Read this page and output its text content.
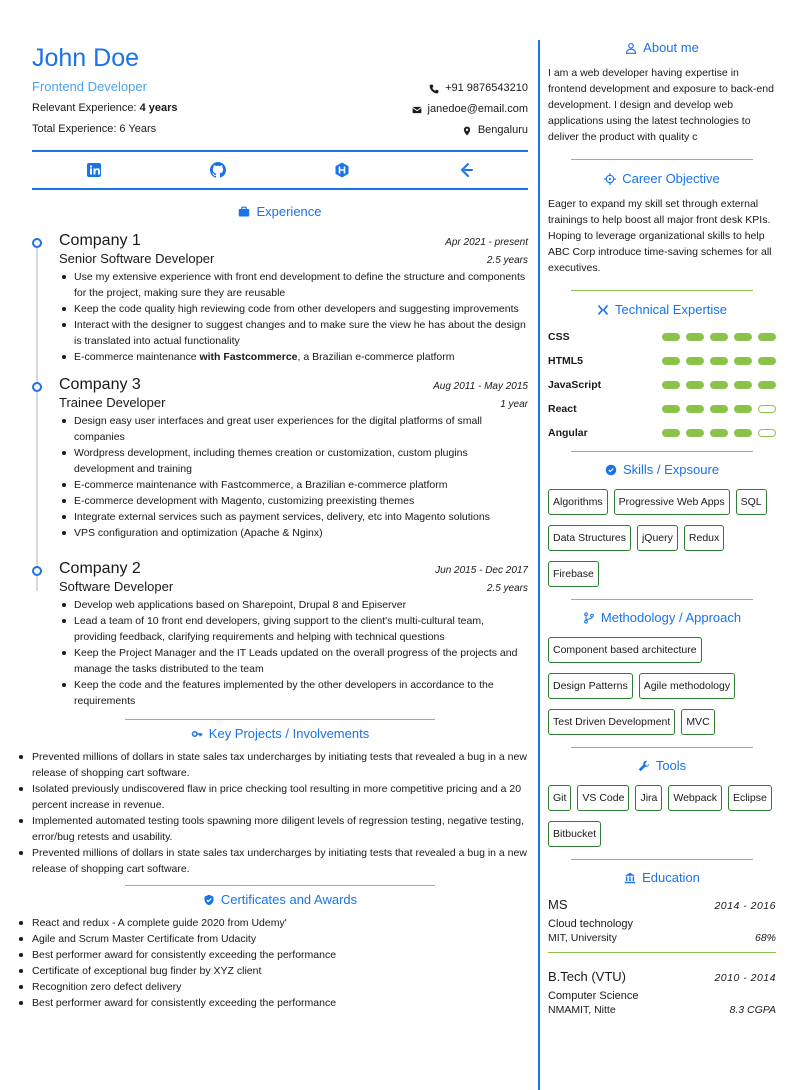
John Doe
Frontend Developer
Relevant Experience: 4 years
Total Experience: 6 Years
+91 9876543210
janedoe@email.com
Bengaluru
Experience
Company 1	Apr 2021 - present
Senior Software Developer	2.5 years
Use my extensive experience with front end development to define the structure and components for the project, making sure they are reusable
Keep the code quality high reviewing code from other developers and suggesting improvements
Interact with the designer to suggest changes and to make sure the view he has about the design is translated into actual functionality
E-commerce maintenance with Fastcommerce, a Brazilian e-commerce platform
Company 3	Aug 2011 - May 2015
Trainee Developer	1 year
Design easy user interfaces and great user experiences for the digital platforms of small companies
Wordpress development, including themes creation or customization, custom plugins development and training
E-commerce maintenance with Fastcommerce, a Brazilian e-commerce platform
E-commerce development with Magento, customizing preexisting themes
Integrate external services such as payment services, delivery, etc into Magento solutions
VPS configuration and optimization (Apache & Nginx)
Company 2	Jun 2015 - Dec 2017
Software Developer	2.5 years
Develop web applications based on Sharepoint, Drupal 8 and Episerver
Lead a team of 10 front end developers, giving support to the client's multi-cultural team, providing feedback, clarifying requirements and helping with technical questions
Keep the Project Manager and the IT Leads updated on the overall progress of the projects and manage the tasks distributed to the team
Keep the code and the features implemented by the other developers in accordance to the requirements
Key Projects / Involvements
Prevented millions of dollars in state sales tax undercharges by initiating tests that revealed a bug in a new release of shopping cart software.
Isolated previously undiscovered flaw in price checking tool resulting in more competitive pricing and a 20 percent increase in revenue.
Implemented automated testing tools spawning more diligent levels of regression testing, negative testing, error/bug retests and usability.
Prevented millions of dollars in state sales tax undercharges by initiating tests that revealed a bug in a new release of shopping cart software.
Certificates and Awards
React and redux - A complete guide 2020 from Udemy'
Agile and Scrum Master Certificate from Udacity
Best performer award for consistently exceeding the performance
Certificate of exceptional bug finder by XYZ client
Recognition zero defect delivery
Best performer award for consistently exceeding the performance
About me
I am a web developer having expertise in frontend development and exposure to back-end development. I design and develop web applications using the latest technologies to deliver the product with quality c
Career Objective
Eager to expand my skill set through external trainings to help boost all major front desk KPIs. Hoping to leverage organizational skills to help ABC Corp introduce time-saving schemes for all executives.
Technical Expertise
CSS
HTML5
JavaScript
React
Angular
Skills / Expsoure
Algorithms	Progressive Web Apps	SQL
Data Structures	jQuery	Redux
Firebase
Methodology / Approach
Component based architecture
Design Patterns	Agile methodology
Test Driven Development	MVC
Tools
Git	VS Code	Jira	Webpack	Eclipse
Bitbucket
Education
MS	2014 - 2016
Cloud technology
MIT, University	68%
B.Tech (VTU)	2010 - 2014
Computer Science
NMAMIT, Nitte	8.3 CGPA
